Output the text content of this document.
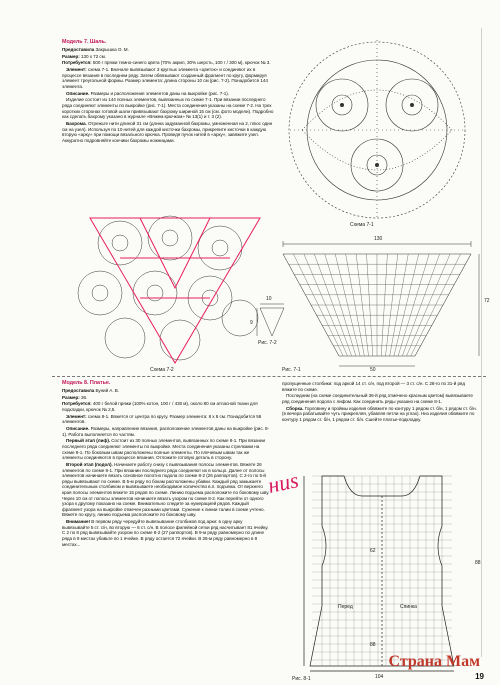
Модель 7. Шаль.

Предоставила Закрышка О. М.

Размер: 130 x 72 см.

Потребуется: 500 г пряжи темно-синего цвета (70% акрил, 30% шерсть, 100 г / 300 м), крючок № 3.

Элемент: схема 7-1. Вначале вывязывают 3 круглых элемента «цветок» и соединяют их в процессе вязания в последнем ряду. Затем обвязывают созданный фрагмент по кругу, формируя элемент треугольной формы. Размер элемента: длина стороны 10 см (рис. 7-2). Понадобится 144 элемента.

Описание. Размеры и расположение элементов даны на выкройке (рис. 7-1).

Изделие состоит из 144 полных элементов, вывязанных по схеме 7-1. При вязании последнего ряда соединяют элементы по выкройке (рис. 7-1). Места соединения указаны на схеме 7-2. На трех коротких сторонах готовой шали привязывают бахрому шириной 15 см (см. фото модели). Подробно как сделать бахрому указано в журнале «Вяжем крючком» № 13(1) и т. 3 (2).

Бахрома. Отрежьте нити длиной 31 см (длина задуманной бахромы, умноженная на 2, плюс один см на узел). Используя по 10 нитей для каждой кисточки бахромы, прикрепите кисточки в каждую вторую «арку» при помощи вязального крючка. Проведя пучок нитей в «арку», завяжите узел. Аккуратно подровняйте кончики бахромы ножницами.

Схема 7-1
Схема 7-2
130
72
50
Рис. 7-1
10
9
Рис. 7-2

Модель 8. Платье.

Предоставила Буний А. В.

Размер: 36.

Потребуется: 400 г белой пряжи (100% котон, 100 г / 430 м), около 80 см атласной ткани для подкладки, крючок № 2,5.

Элемент: схема 8-1. Вяжется от центра по кругу. Размер элемента: 8 x 8 см. Понадобится 56 элементов.

Описание. Размеры, направление вязания, расположение элементов даны на выкройке (рис. 8-1). Работа выполняется по частям.

Первый этап (лиф). Состоит из 30 полных элементов, вывязанных по схеме 8-1. При вязании последнего ряда соединяют элементы по выкройке. Места соединения указаны стрелками на схеме 8-1. По боковым швам расположены полные элементы. По плечевым швам так же элементы соединяются в процессе вязания. Отложите готовую деталь в сторону.

Второй этап (подол). Начинаете работу снизу с вывязывания полосы элементов. Вяжете 26 элементов по схеме 8-1. При вязании последнего ряда соединяют их в кольцо. Далее от полосы элементов начинаете вязать основное полотно подола по схеме 8-2 (26 раппортов). С 2-го по 5-й ряды вывязывают по схеме. В 5-м ряду по бокам расположены убавки. Каждый ряд замыкаете соединительным столбиком и вывязываете необходимое количество в.п. подъема. От верхнего края полосы элементов вяжете 15 рядов по схеме. Линию подъема расположите по боковому шву. Через 10 см от полосы элементов начинаете вязать узором по схеме 8-2. Как перейти от одного узора к другому показано на схеме. Внимательно следите за нумерацией рядов. Каждый фрагмент узора на выкройке отмечен разными цветами. Сужение к линии талии в схеме учтено. Вяжете по кругу, линию подъема расположите по боковому шву.

Внимание! В первом ряду чередуйте вывязывание столбиков под арки: в одну арку вывязывайте 5 ст. с/н, во вторую — 6 ст. с/н. В полосе филейной сетки ряд насчитывает 81 ячейку. С 2 по 8 ряд вывязывайте узором по схеме 8-2 (27 раппортов). В 9-м ряду равномерно по длине ряда в 9 местах убавьте по 1 ячейке. В ряду остается 72 ячейки. В 26-м ряду равномерно в 8 местах...

пропущенные столбики: под аркой 14 ст. с/н, под второй — 3 ст. с/н. С 28-го по 31-й ряд вяжите по схеме.

Последним (на схеме соединительный 36-й ряд отмечено красным цветом) вывязываете ряд соединения подола с лифом. Как соединить ряды указано на схеме 8-1.

Сборка. Горловину и проймы изделия обвяжите по контуру 1 рядом ст. б/н, 1 рядом ст. б/н. (в вечера рабатывайте чуть прикрепляя, убавляя петли на углах). Низ изделия обвяжите по контуру 1 рядом ст. б/н, 1 рядом ст. б/н. Сшейте платье-подкладку.

ниs
Перед	Спинка
62
88
104
88
Рис. 8-1	19
Страна Мам
